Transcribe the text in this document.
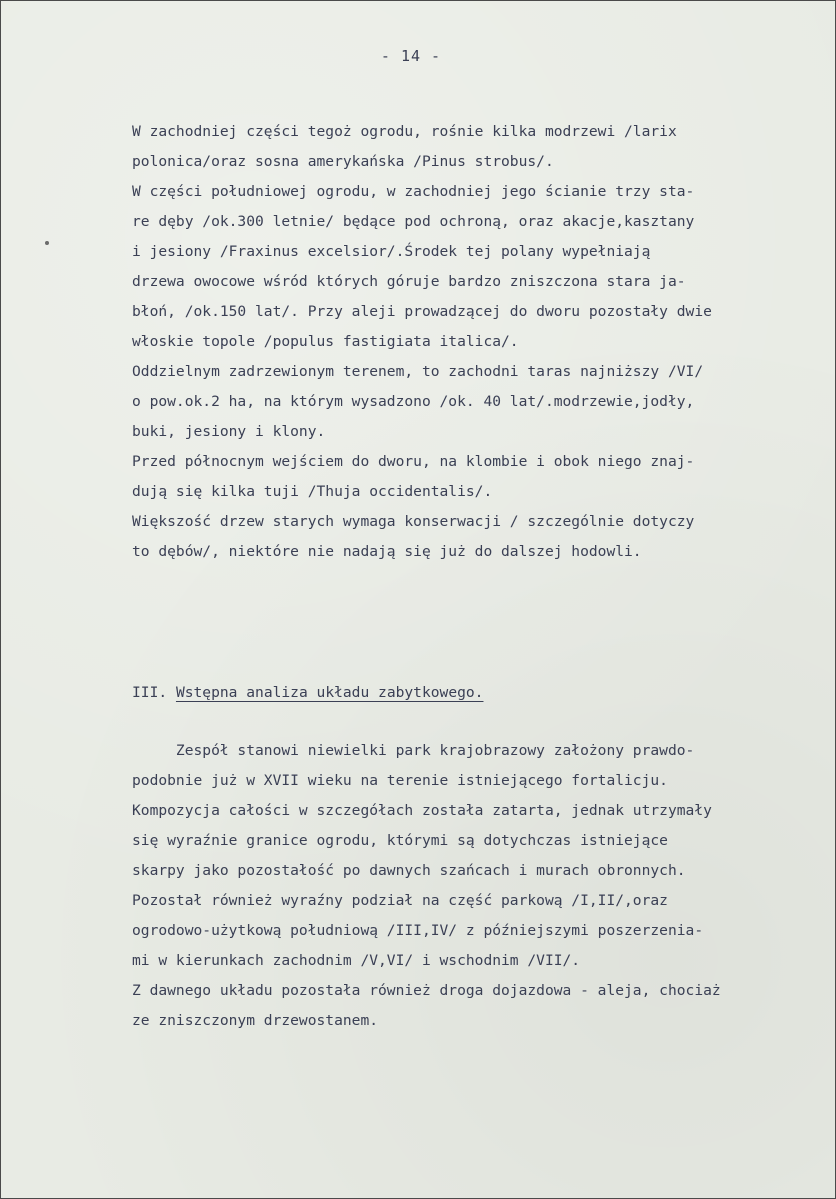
- 14 -
W zachodniej części tegoż ogrodu, rośnie kilka modrzewi /larix
polonica/oraz sosna amerykańska /Pinus strobus/.
W części południowej ogrodu, w zachodniej jego ścianie trzy sta-
re dęby /ok.300 letnie/ będące pod ochroną, oraz akacje,kasztany
i jesiony /Fraxinus excelsior/.Środek tej polany wypełniają
drzewa owocowe wśród których góruje bardzo zniszczona stara ja-
błoń, /ok.150 lat/. Przy aleji prowadzącej do dworu pozostały dwie
włoskie topole /populus fastigiata italica/.
Oddzielnym zadrzewionym terenem, to zachodni taras najniższy /VI/
o pow.ok.2 ha, na którym wysadzono /ok. 40 lat/.modrzewie,jodły,
buki, jesiony i klony.
Przed północnym wejściem do dworu, na klombie i obok niego znaj-
dują się kilka tuji /Thuja occidentalis/.
Większość drzew starych wymaga konserwacji / szczególnie dotyczy
to dębów/, niektóre nie nadają się już do dalszej hodowli.
III. Wstępna analiza układu zabytkowego.
Zespół stanowi niewielki park krajobrazowy założony prawdo-
podobnie już w XVII wieku na terenie istniejącego fortalicju.
Kompozycja całości w szczegółach została zatarta, jednak utrzymały
się wyraźnie granice ogrodu, którymi są dotychczas istniejące
skarpy jako pozostałość po dawnych szańcach i murach obronnych.
Pozostał również wyraźny podział na część parkową /I,II/,oraz
ogrodowo-użytkową południową /III,IV/ z późniejszymi poszerzenia-
mi w kierunkach zachodnim /V,VI/ i wschodnim /VII/.
Z dawnego układu pozostała również droga dojazdowa - aleja, chociaż
ze zniszczonym drzewostanem.
